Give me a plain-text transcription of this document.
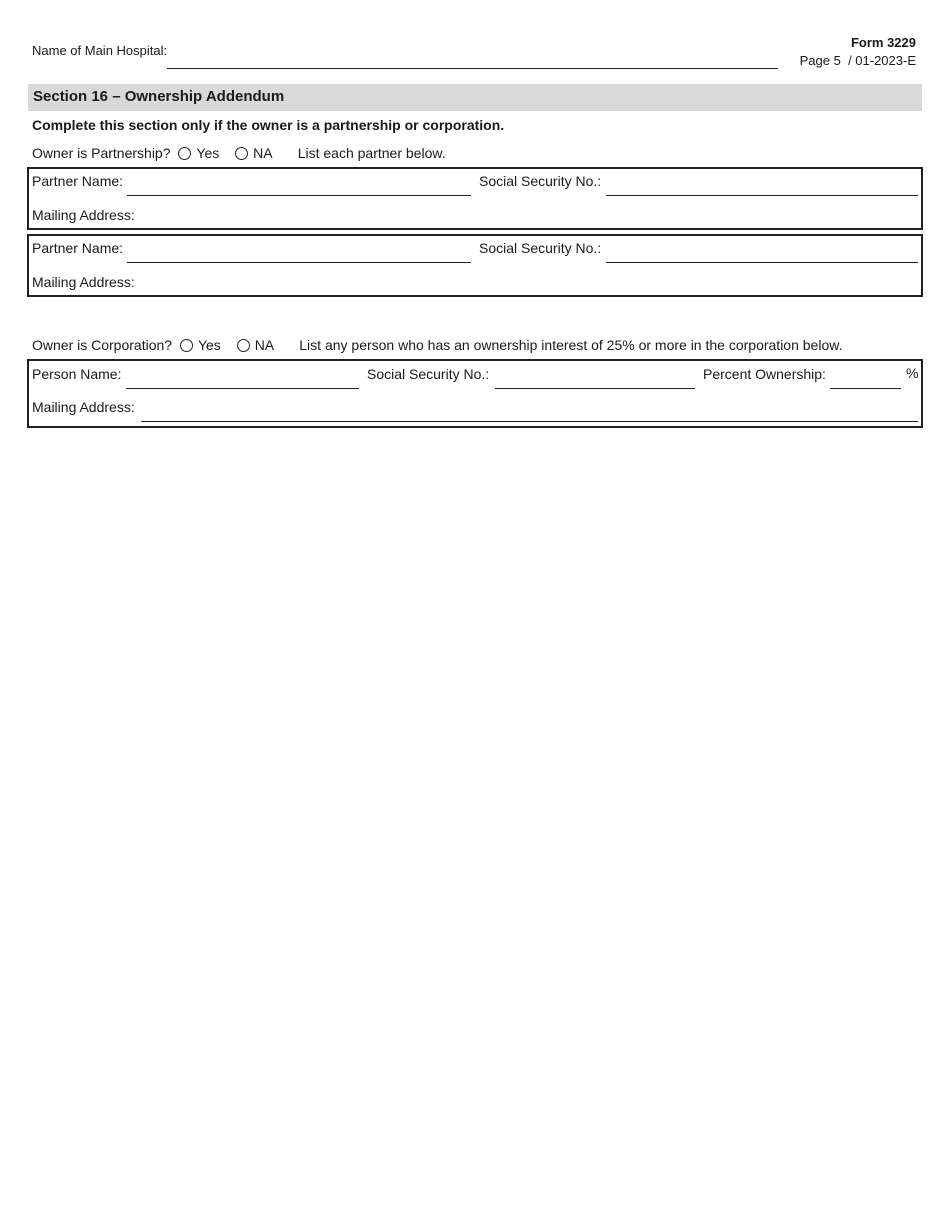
Name of Main Hospital:
Form 3229
Page 5  / 01-2023-E
Section 16 – Ownership Addendum
Complete this section only if the owner is a partnership or corporation.
Owner is Partnership? Yes NA List each partner below.
Partner Name:	Social Security No.:
Mailing Address:
Partner Name:	Social Security No.:
Mailing Address:
Owner is Corporation? Yes NA List any person who has an ownership interest of 25% or more in the corporation below.
Person Name:	Social Security No.:	Percent Ownership:	%
Mailing Address:
